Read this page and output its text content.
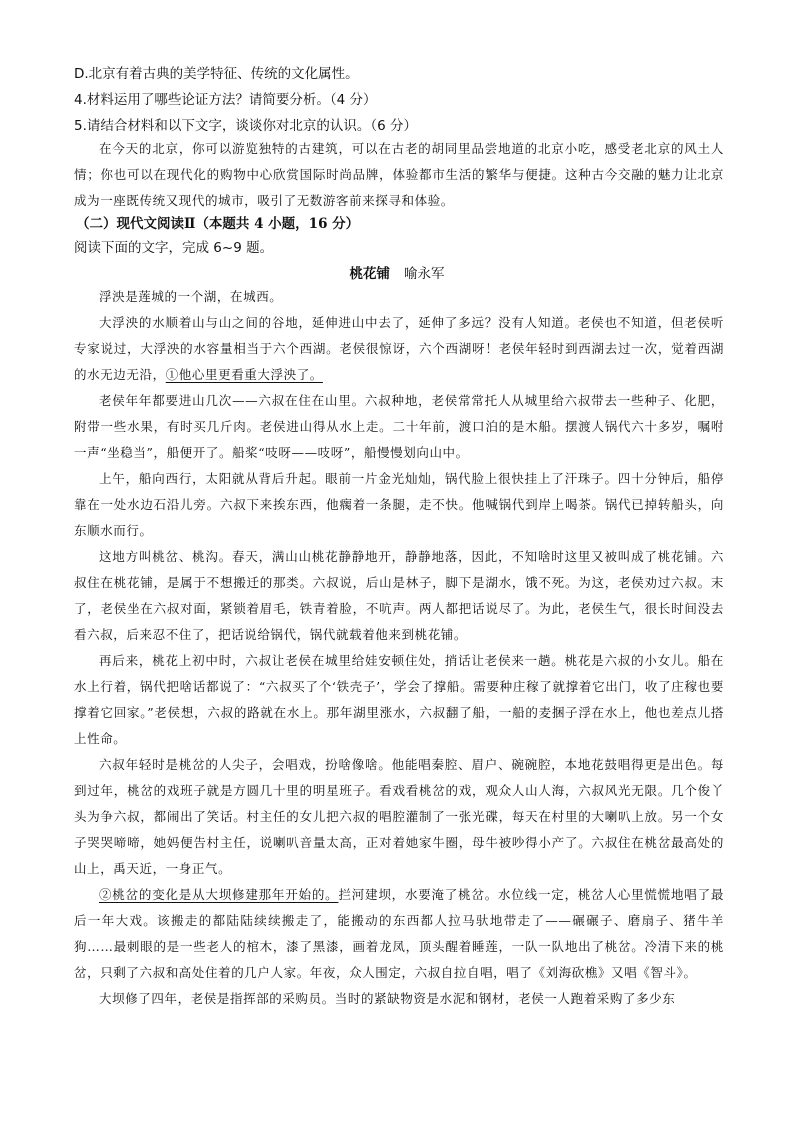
D.北京有着古典的美学特征、传统的文化属性。
4.材料运用了哪些论证方法？请简要分析。（4 分）
5.请结合材料和以下文字，谈谈你对北京的认识。（6 分）

在今天的北京，你可以游览独特的古建筑，可以在古老的胡同里品尝地道的北京小吃，感受老北京的风土人情；你也可以在现代化的购物中心欣赏国际时尚品牌，体验都市生活的繁华与便捷。这种古今交融的魅力让北京成为一座既传统又现代的城市，吸引了无数游客前来探寻和体验。

（二）现代文阅读Ⅱ（本题共 4 小题，16 分）
阅读下面的文字，完成 6~9 题。
桃花铺 喻永军

浮泱是莲城的一个湖，在城西。

大浮泱的水顺着山与山之间的谷地，延伸进山中去了，延伸了多远？没有人知道。老侯也不知道，但老侯听专家说过，大浮泱的水容量相当于六个西湖。老侯很惊讶，六个西湖呀！老侯年轻时到西湖去过一次，觉着西湖的水无边无沿，①他心里更看重大浮泱了。

老侯年年都要进山几次——六叔在住在山里。六叔种地，老侯常常托人从城里给六叔带去一些种子、化肥，附带一些水果，有时买几斤肉。老侯进山得从水上走。二十年前，渡口泊的是木船。摆渡人锅代六十多岁，嘱咐一声“坐稳当”，船便开了。船桨“吱呀——吱呀”，船慢慢划向山中。

上午，船向西行，太阳就从背后升起。眼前一片金光灿灿，锅代脸上很快挂上了汗珠子。四十分钟后，船停靠在一处水边石沿儿旁。六叔下来挨东西，他瘸着一条腿，走不快。他喊锅代到岸上喝茶。锅代已掉转船头，向东顺水而行。

这地方叫桃岔、桃沟。春天，满山山桃花静静地开，静静地落，因此，不知啥时这里又被叫成了桃花铺。六叔住在桃花铺，是属于不想搬迁的那类。六叔说，后山是林子，脚下是湖水，饿不死。为这，老侯劝过六叔。末了，老侯坐在六叔对面，紧锁着眉毛，铁青着脸，不吭声。两人都把话说尽了。为此，老侯生气，很长时间没去看六叔，后来忍不住了，把话说给锅代，锅代就载着他来到桃花铺。

再后来，桃花上初中时，六叔让老侯在城里给娃安顿住处，捎话让老侯来一趟。桃花是六叔的小女儿。船在水上行着，锅代把啥话都说了：“六叔买了个‘铁壳子’，学会了撑船。需要种庄稼了就撑着它出门，收了庄稼也要撑着它回家。”老侯想，六叔的路就在水上。那年湖里涨水，六叔翻了船，一船的麦捆子浮在水上，他也差点儿搭上性命。

六叔年轻时是桃岔的人尖子，会唱戏，扮啥像啥。他能唱秦腔、眉户、碗碗腔，本地花鼓唱得更是出色。每到过年，桃岔的戏班子就是方圆几十里的明星班子。看戏看桃岔的戏，观众人山人海，六叔风光无限。几个俊丫头为争六叔，都闹出了笑话。村主任的女儿把六叔的唱腔灌制了一张光碟，每天在村里的大喇叭上放。另一个女子哭哭啼啼，她妈便告村主任，说喇叭音量太高，正对着她家牛圈，母牛被吵得小产了。六叔住在桃岔最高处的山上，禹天近，一身正气。

②桃岔的变化是从大坝修建那年开始的。拦河建坝，水要淹了桃岔。水位线一定，桃岔人心里慌慌地唱了最后一年大戏。该搬走的都陆陆续续搬走了，能搬动的东西都人拉马驮地带走了——碾碾子、磨扇子、猪牛羊狗……最刺眼的是一些老人的棺木，漆了黑漆，画着龙凤，顶头醒着睡莲，一队一队地出了桃岔。冷清下来的桃岔，只剩了六叔和高处住着的几户人家。年夜，众人围定，六叔自拉自唱，唱了《刘海砍樵》又唱《智斗》。

大坝修了四年，老侯是指挥部的采购员。当时的紧缺物资是水泥和钢材，老侯一人跑着采购了多少东
